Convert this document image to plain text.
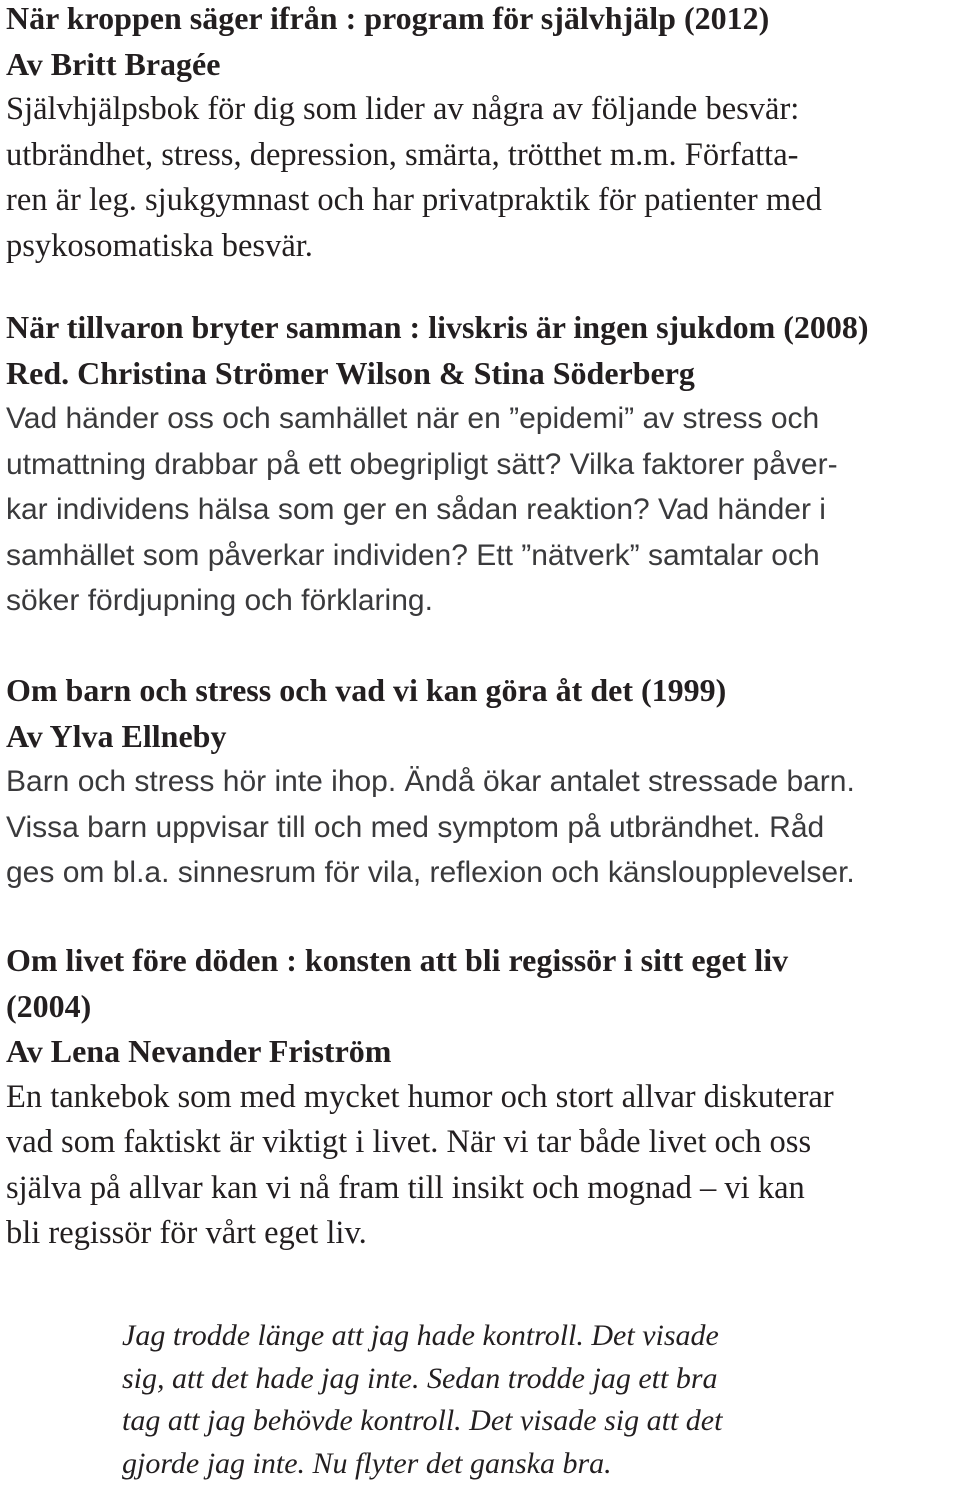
När kroppen säger ifrån : program för självhjälp (2012)
Av Britt Bragée
Självhjälpsbok för dig som lider av några av följande besvär:
utbrändhet, stress, depression, smärta, trötthet m.m. Författa-
ren är leg. sjukgymnast och har privatpraktik för patienter med
psykosomatiska besvär.
När tillvaron bryter samman : livskris är ingen sjukdom (2008)
Red. Christina Strömer Wilson & Stina Söderberg
Vad händer oss och samhället när en ”epidemi” av stress och
utmattning drabbar på ett obegripligt sätt? Vilka faktorer påver-
kar individens hälsa som ger en sådan reaktion? Vad händer i
samhället som påverkar individen? Ett ”nätverk” samtalar och
söker fördjupning och förklaring.
Om barn och stress och vad vi kan göra åt det (1999)
Av Ylva Ellneby
Barn och stress hör inte ihop. Ändå ökar antalet stressade barn.
Vissa barn uppvisar till och med symptom på utbrändhet. Råd
ges om bl.a. sinnesrum för vila, reflexion och känsloupplevelser.
Om livet före döden : konsten att bli regissör i sitt eget liv
(2004)
Av Lena Nevander Friström
En tankebok som med mycket humor och stort allvar diskuterar
vad som faktiskt är viktigt i livet. När vi tar både livet och oss
själva på allvar kan vi nå fram till insikt och mognad – vi kan
bli regissör för vårt eget liv.
Jag trodde länge att jag hade kontroll. Det visade
sig, att det hade jag inte. Sedan trodde jag ett bra
tag att jag behövde kontroll. Det visade sig att det
gjorde jag inte. Nu flyter det ganska bra.
